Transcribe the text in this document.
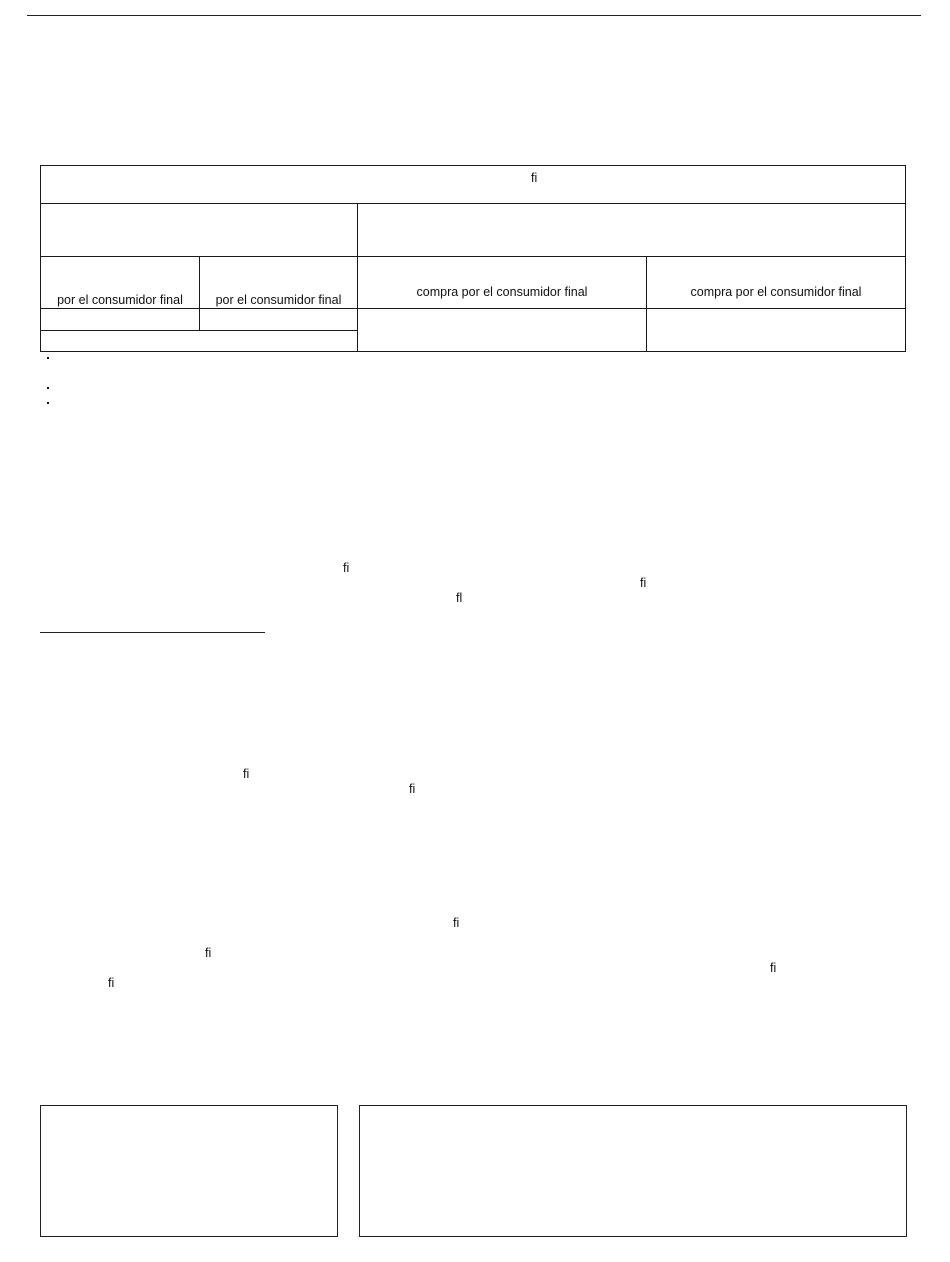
ﬁ
por el consumidor final	por el consumidor final
compra por el consumidor final	compra por el consumidor final
ﬁ
ﬁ
ﬂ
ﬁ
ﬁ
ﬁ
ﬁ
ﬁ
ﬁ
